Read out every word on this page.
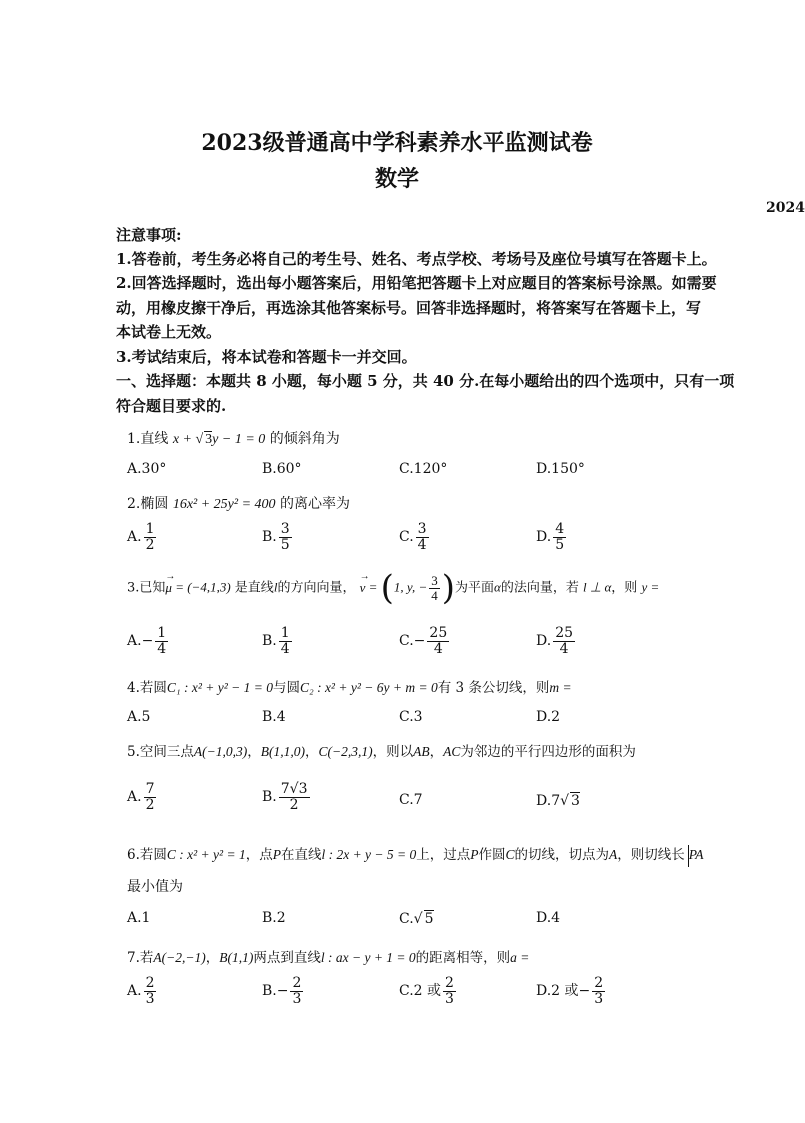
2023级普通高中学科素养水平监测试卷
数学
2024
注意事项:
1.答卷前，考生务必将自己的考生号、姓名、考点学校、考场号及座位号填写在答题卡上。
2.回答选择题时，选出每小题答案后，用铅笔把答题卡上对应题目的答案标号涂黑。如需要
动，用橡皮擦干净后，再选涂其他答案标号。回答非选择题时，将答案写在答题卡上，写
本试卷上无效。
3.考试结束后，将本试卷和答题卡一并交回。
一、选择题：本题共 8 小题，每小题 5 分，共 40 分.在每小题给出的四个选项中，只有一项
符合题目要求的.
1.直线 x + √ 3y − 1 = 0 的倾斜角为
A.30°	B.60°	C.120°	D.150°
2.椭圆 16x² + 25y² = 400 的离心率为
A. $\frac{1}{2}$	B. $\frac{3}{5}$	C. $\frac{3}{4}$	D. $\frac{4}{5}$
3.已知
→
μ = (−4,1,3) 是直线l的方向向量，
→
v = (1, y, − $\frac{3}{4}$ )为平面α的法向量，若 l ⊥ α，则 y =
$A.- \frac{1}{4}$	B. $\frac{1}{4}$	$C.- \frac{25}{4}$	D. $\frac{25}{4}$
4.若圆C₁ : x² + y² − 1 = 0与圆C₂ : x² + y² − 6y + m = 0有 3 条公切线，则m =
A.5	B.4	C.3	D.2
5.空间三点A(−1,0,3)，B(1,1,0)，C(−2,3,1)，则以AB，AC为邻边的平行四边形的面积为
A. $\frac{7}{2}$	B. $\frac{7√3}{2}$	C.7	D.7√ 3
6.若圆C : x² + y² = 1，点P在直线l : 2x + y − 5 = 0上，过点P作圆C的切线，切点为A，则切线长 PA
最小值为
A.1	B.2	C.√ 5	D.4
7.若A(−2,−1)，B(1,1)两点到直线l : ax − y + 1 = 0的距离相等，则a =
A. $\frac{2}{3}$	$B.- \frac{2}{3}$	C.2 或 $\frac{2}{3}$	D.2 或− $\frac{2}{3}$
